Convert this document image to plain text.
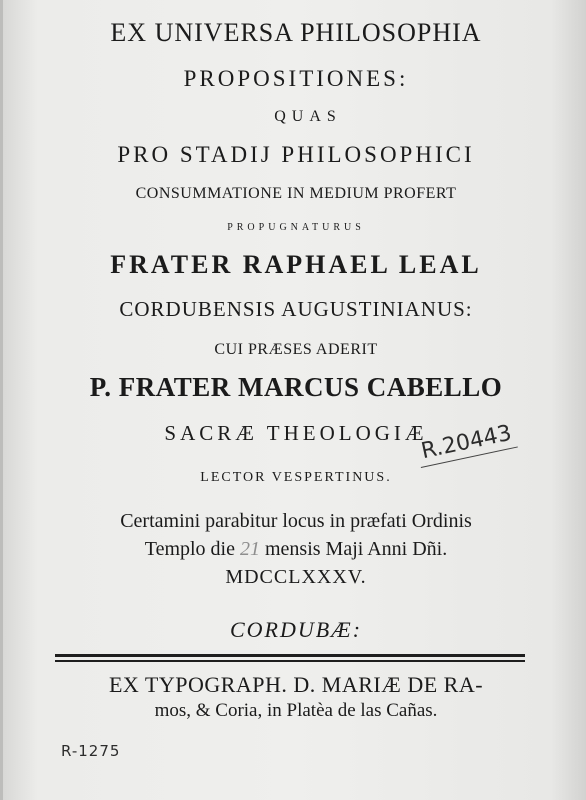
EX UNIVERSA PHILOSOPHIA
PROPOSITIONES:
QUAS
PRO STADIJ PHILOSOPHICI
CONSUMMATIONE IN MEDIUM PROFERT
PROPUGNATURUS
FRATER RAPHAEL LEAL
CORDUBENSIS AUGUSTINIANUS:
CUI PRÆSES ADERIT
P. FRATER MARCUS CABELLO
SACRÆ THEOLOGIÆ
LECTOR VESPERTINUS.
Certamini parabitur locus in præfati Ordinis
Templo die 21 mensis Maji Anni Dñi.
MDCCLXXXV.
CORDUBÆ:
EX TYPOGRAPH. D. MARIÆ DE RA-
mos, & Coria, in Platèa de las Cañas.
R.20443
R-1275
